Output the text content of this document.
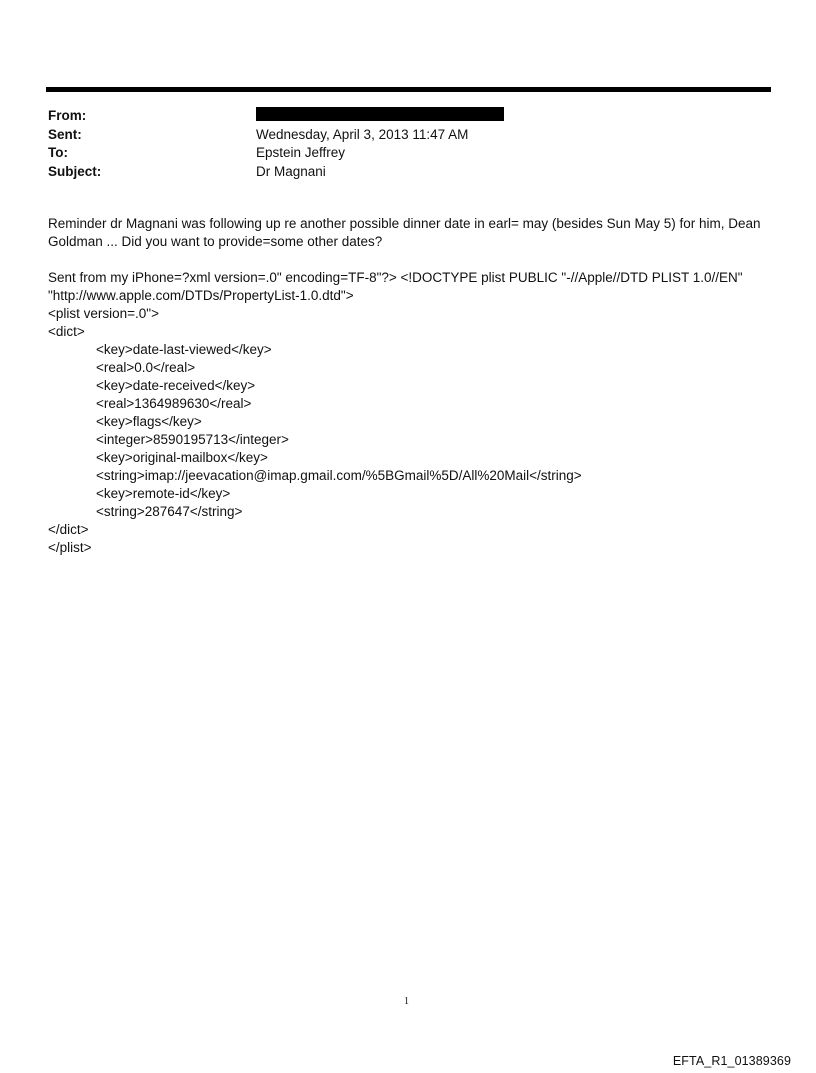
From:
Sent:	Wednesday, April 3, 2013 11:47 AM
To:	Epstein Jeffrey
Subject:	Dr Magnani
Reminder dr Magnani was following up re another possible dinner date in earl= may (besides Sun May 5) for him, Dean
Goldman ... Did you want to provide=some other dates?
Sent from my iPhone=?xml version=.0" encoding=TF-8"?> <!DOCTYPE plist PUBLIC "-//Apple//DTD PLIST 1.0//EN"
"http://www.apple.com/DTDs/PropertyList-1.0.dtd">
<plist version=.0">
<dict>
<key>date-last-viewed</key>
<real>0.0</real>
<key>date-received</key>
<real>1364989630</real>
<key>flags</key>
<integer>8590195713</integer>
<key>original-mailbox</key>
<string>imap://jeevacation@imap.gmail.com/%5BGmail%5D/All%20Mail</string>
<key>remote-id</key>
<string>287647</string>
</dict>
</plist>
1
EFTA_R1_01389369
